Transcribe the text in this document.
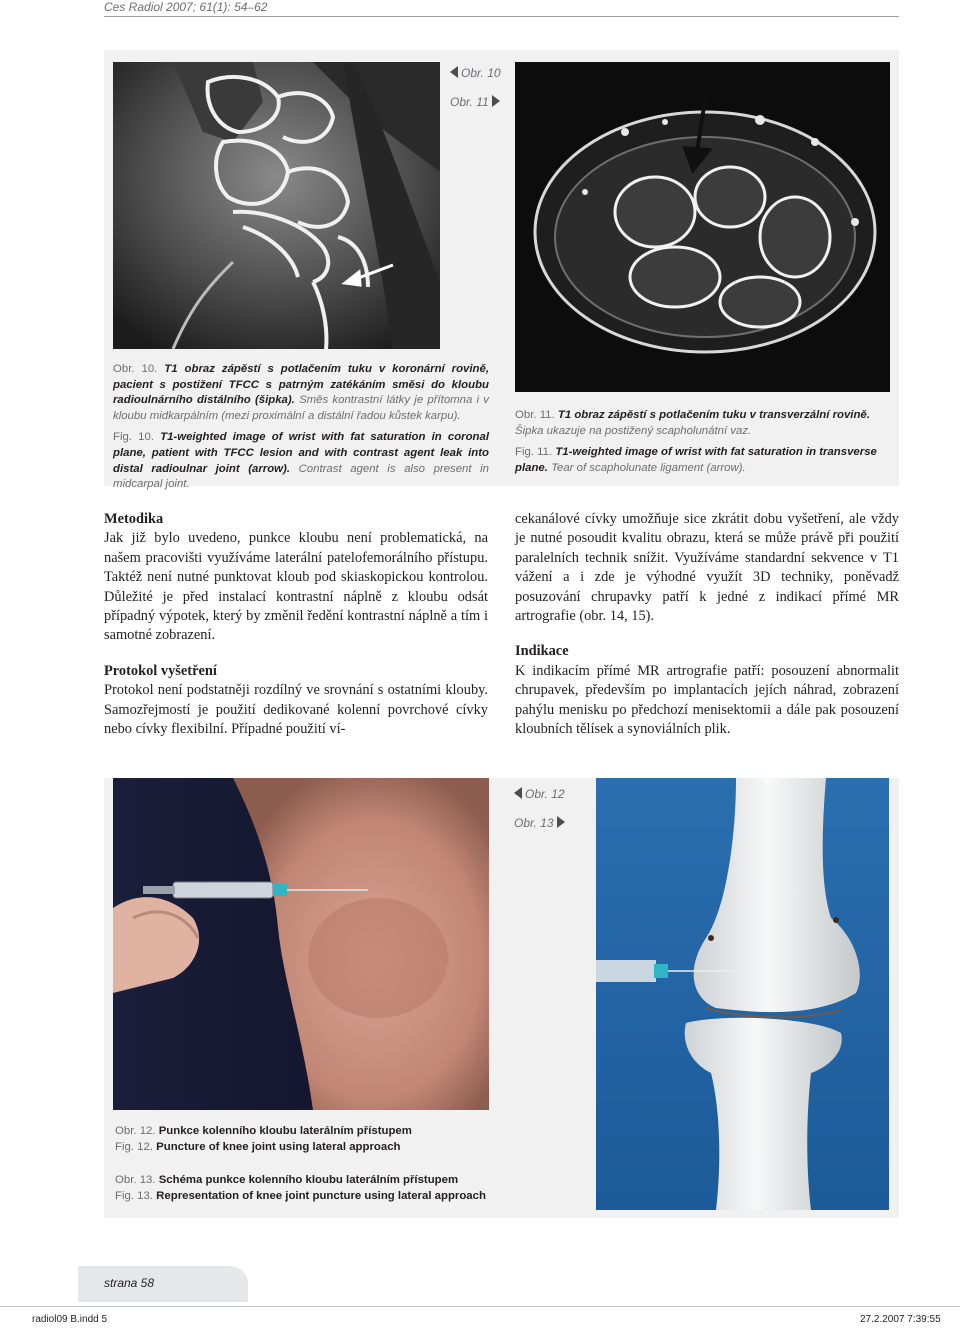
Ces Radiol 2007; 61(1): 54–62
Obr. 10
Obr. 11
Obr. 10. T1 obraz zápěstí s potlačením tuku v koronární rovině, pacient s postižení TFCC s patrným zatékáním směsi do kloubu radioulnárního distálního (šipka). Směs kontrastní látky je přítomna i v kloubu midkarpálním (mezi proximální a distální řadou kůstek karpu).
Fig. 10. T1-weighted image of wrist with fat saturation in coronal plane, patient with TFCC lesion and with contrast agent leak into distal radioulnar joint (arrow). Contrast agent is also present in midcarpal joint.
Obr. 11. T1 obraz zápěstí s potlačením tuku v transverzální rovině. Šipka ukazuje na postižený scapholunátní vaz.
Fig. 11. T1-weighted image of wrist with fat saturation in transverse plane. Tear of scapholunate ligament (arrow).

Metodika

Jak již bylo uvedeno, punkce kloubu není problematická, na našem pracovišti využíváme laterální patelofemorálního přístupu. Taktéž není nutné punktovat kloub pod skiaskopickou kontrolou. Důležité je před instalací kontrastní náplně z kloubu odsát případný výpotek, který by změnil ředění kontrastní náplně a tím i samotné zobrazení.

Protokol vyšetření

Protokol není podstatněji rozdílný ve srovnání s ostatními klouby. Samozřejmostí je použití dedikované kolenní povrchové cívky nebo cívky flexibilní. Případné použití ví-

cekanálové cívky umožňuje sice zkrátit dobu vyšetření, ale vždy je nutné posoudit kvalitu obrazu, která se může právě při použití paralelních technik snížit. Využíváme standardní sekvence v T1 vážení a i zde je výhodné využít 3D techniky, poněvadž posuzování chrupavky patří k jedné z indikací přímé MR artrografie (obr. 14, 15).

Indikace

K indikacím přímé MR artrografie patří: posouzení abnormalit chrupavek, především po implantacích jejích náhrad, zobrazení pahýlu menisku po předchozí menisektomii a dále pak posouzení kloubních tělísek a synoviálních plik.

Obr. 12
Obr. 13
Obr. 12. Punkce kolenního kloubu laterálním přístupem
Fig. 12. Puncture of knee joint using lateral approach
Obr. 13. Schéma punkce kolenního kloubu laterálním přístupem
Fig. 13. Representation of knee joint puncture using lateral approach
strana 58
radiol09 B.indd 5	27.2.2007 7:39:55
